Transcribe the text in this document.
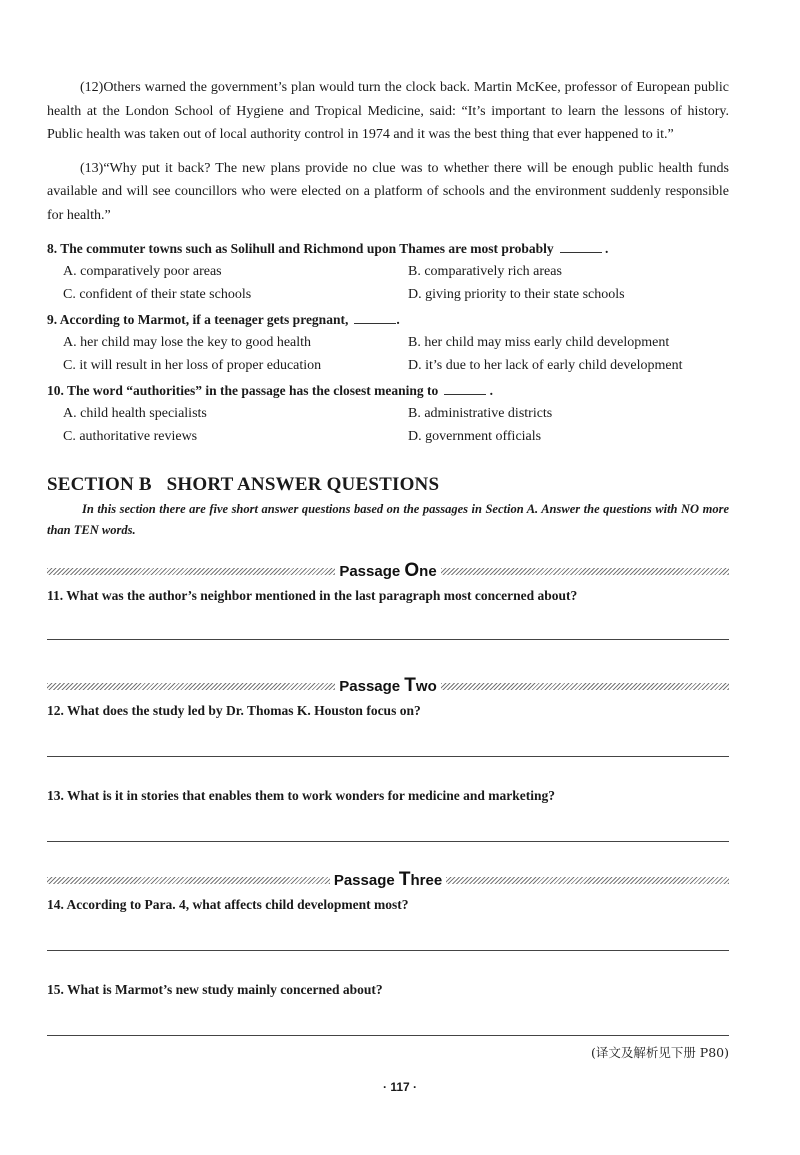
(12)Others warned the government’s plan would turn the clock back. Martin McKee, professor of European public health at the London School of Hygiene and Tropical Medicine, said: “It’s important to learn the lessons of history. Public health was taken out of local authority control in 1974 and it was the best thing that ever happened to it.”

(13)“Why put it back? The new plans provide no clue was to whether there will be enough public health funds available and will see councillors who were elected on a platform of schools and the environment suddenly responsible for health.”

8. The commuter towns such as Solihull and Richmond upon Thames are most probably	.
A. comparatively poor areas	B. comparatively rich areas
C. confident of their state schools	D. giving priority to their state schools
9. According to Marmot, if a teenager gets pregnant,	.
A. her child may lose the key to good health	B. her child may miss early child development
C. it will result in her loss of proper education	D. it’s due to her lack of early child development
10. The word “authorities” in the passage has the closest meaning to	.
A. child health specialists	B. administrative districts
C. authoritative reviews	D. government officials
SECTION B   SHORT ANSWER QUESTIONS
In this section there are five short answer questions based on the passages in Section A. Answer the questions with NO more than TEN words.
Passage One
11. What was the author’s neighbor mentioned in the last paragraph most concerned about?
Passage Two
12. What does the study led by Dr. Thomas K. Houston focus on?
13. What is it in stories that enables them to work wonders for medicine and marketing?
Passage Three
14. According to Para. 4, what affects child development most?
15. What is Marmot’s new study mainly concerned about?
(译文及解析见下册 P80)
· 117 ·
